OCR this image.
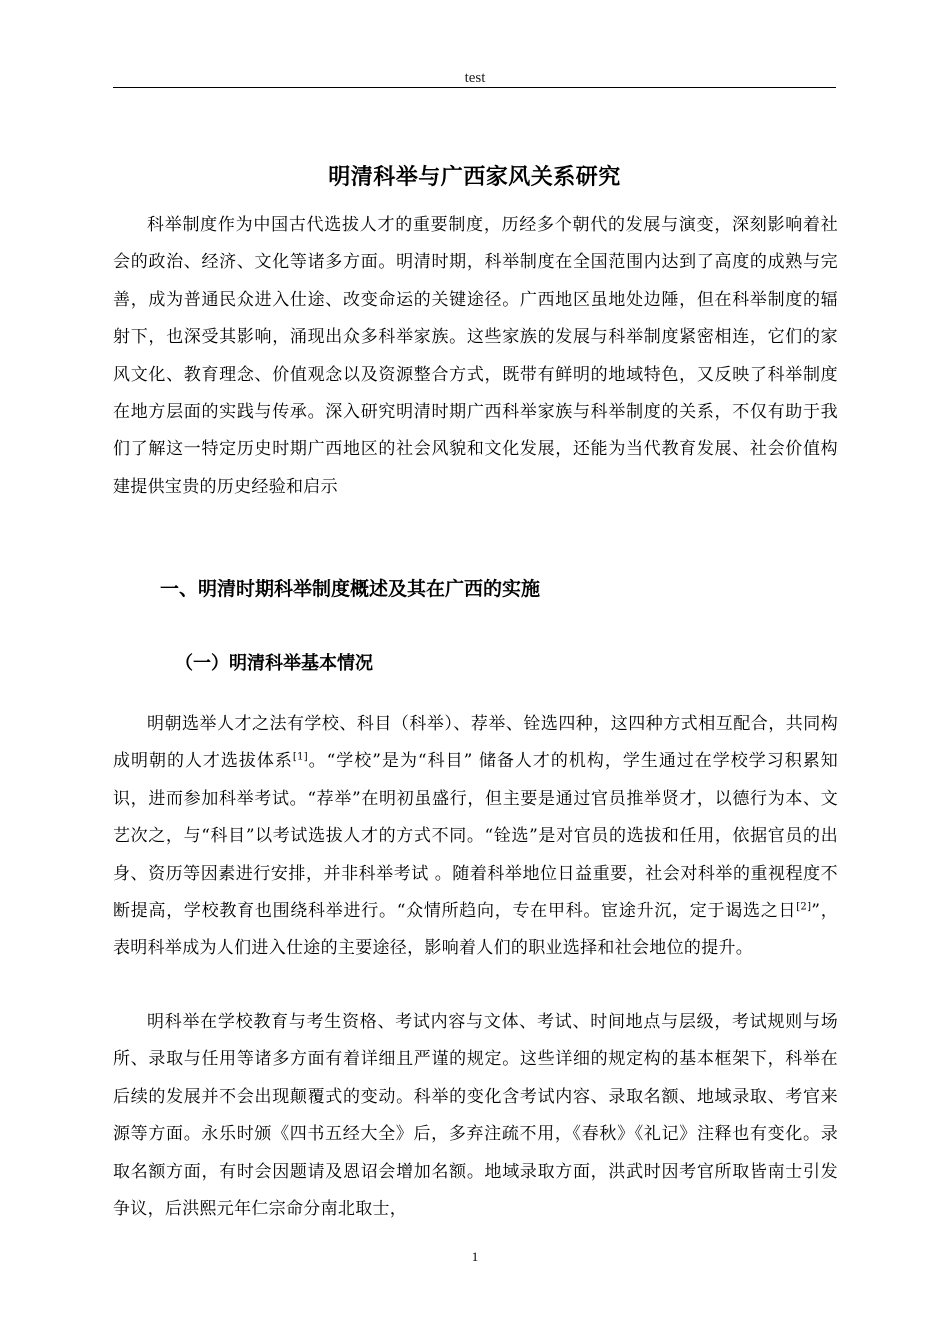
test
明清科举与广西家风关系研究

科举制度作为中国古代选拔人才的重要制度，历经多个朝代的发展与演变，深刻影响着社会的政治、经济、文化等诸多方面。明清时期，科举制度在全国范围内达到了高度的成熟与完善，成为普通民众进入仕途、改变命运的关键途径。广西地区虽地处边陲，但在科举制度的辐射下，也深受其影响，涌现出众多科举家族。这些家族的发展与科举制度紧密相连，它们的家风文化、教育理念、价值观念以及资源整合方式，既带有鲜明的地域特色，又反映了科举制度在地方层面的实践与传承。深入研究明清时期广西科举家族与科举制度的关系，不仅有助于我们了解这一特定历史时期广西地区的社会风貌和文化发展，还能为当代教育发展、社会价值构建提供宝贵的历史经验和启示

一、明清时期科举制度概述及其在广西的实施
（一）明清科举基本情况

明朝选举人才之法有学校、科目（科举）、荐举、铨选四种，这四种方式相互配合，共同构成明朝的人才选拔体系[1]。“学校”是为“科目” 储备人才的机构，学生通过在学校学习积累知识，进而参加科举考试。“荐举”在明初虽盛行，但主要是通过官员推举贤才，以德行为本、文艺次之，与“科目”以考试选拔人才的方式不同。“铨选”是对官员的选拔和任用，依据官员的出身、资历等因素进行安排，并非科举考试 。随着科举地位日益重要，社会对科举的重视程度不断提高，学校教育也围绕科举进行。“众情所趋向，专在甲科。宦途升沉，定于谒选之日[2]”，表明科举成为人们进入仕途的主要途径，影响着人们的职业选择和社会地位的提升。

明科举在学校教育与考生资格、考试内容与文体、考试、时间地点与层级，考试规则与场所、录取与任用等诸多方面有着详细且严谨的规定。这些详细的规定构的基本框架下，科举在后续的发展并不会出现颠覆式的变动。科举的变化含考试内容、录取名额、地域录取、考官来源等方面。永乐时颁《四书五经大全》后，多弃注疏不用，《春秋》《礼记》注释也有变化。录取名额方面，有时会因题请及恩诏会增加名额。地域录取方面，洪武时因考官所取皆南士引发争议，后洪熙元年仁宗命分南北取士，

1
